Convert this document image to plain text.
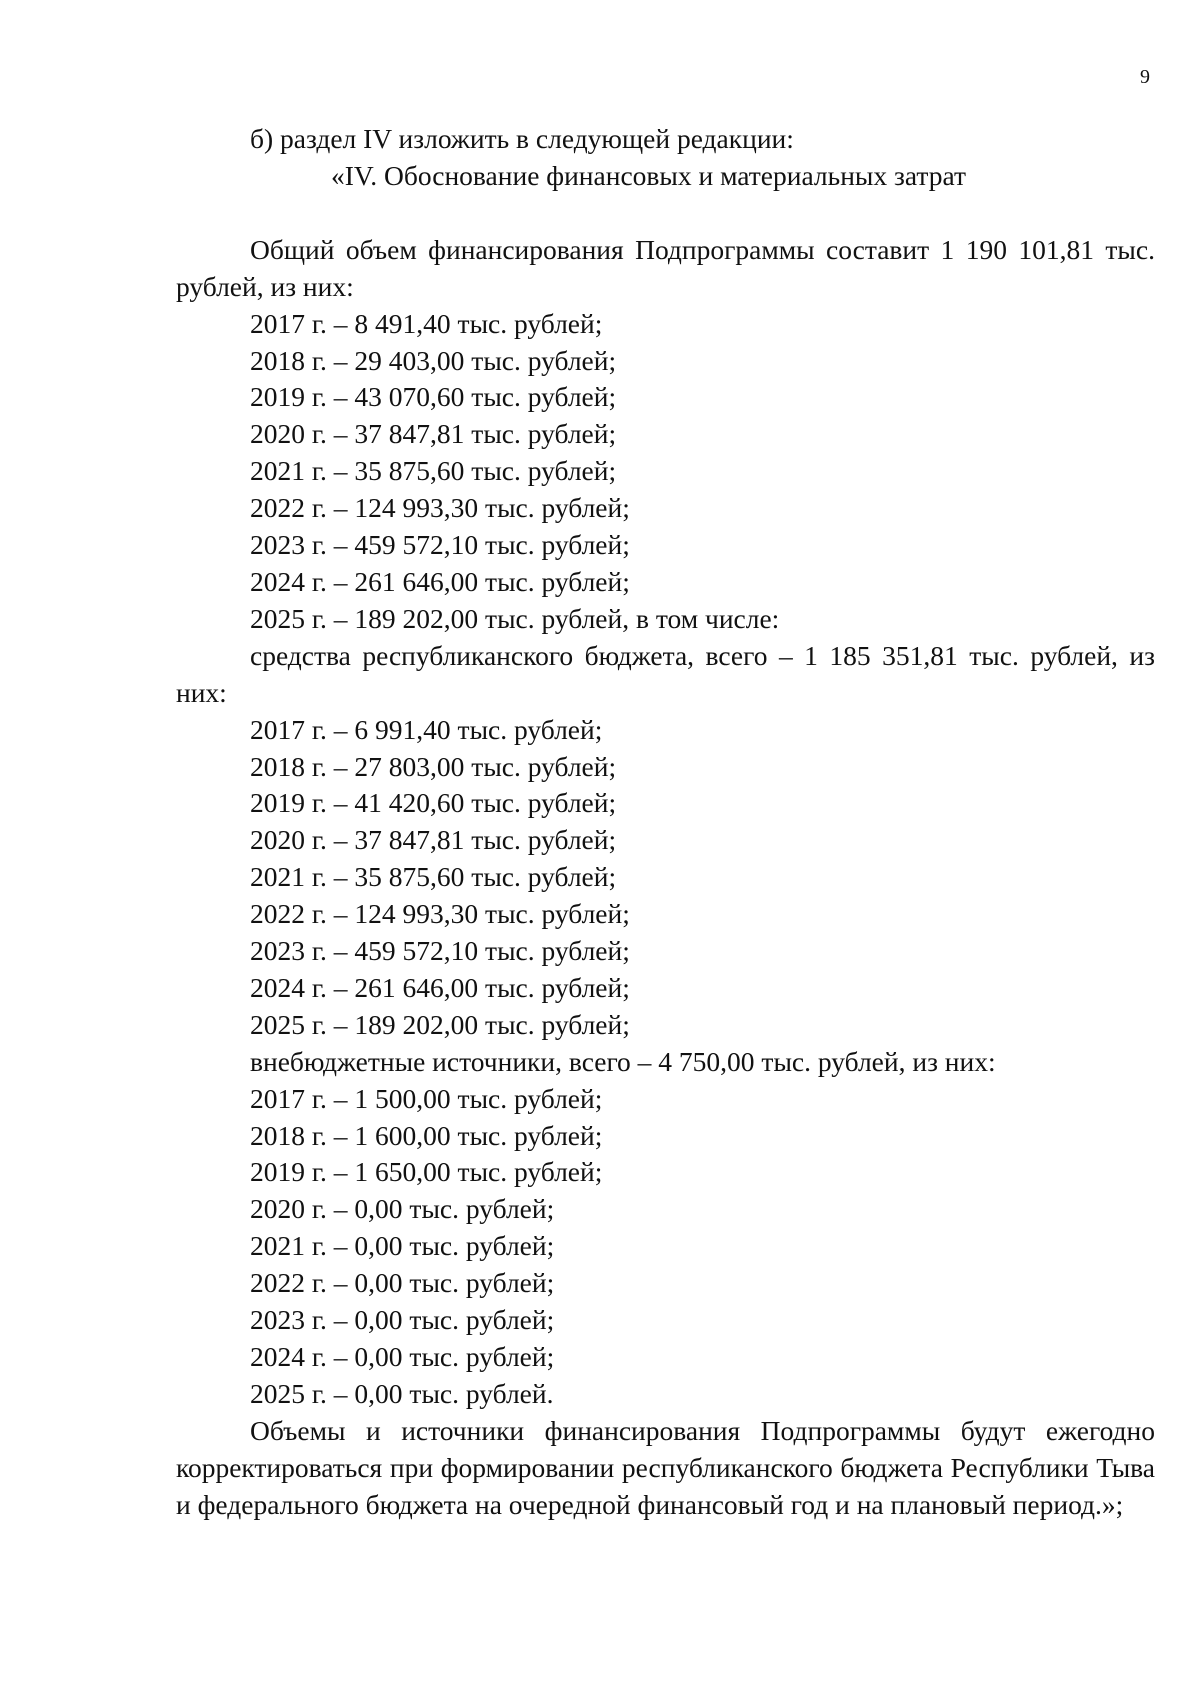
9

б) раздел IV изложить в следующей редакции:

«IV. Обоснование финансовых и материальных затрат

Общий объем финансирования Подпрограммы составит 1 190 101,81 тыс. рублей, из них:

2017 г. – 8 491,40 тыс. рублей;

2018 г. – 29 403,00 тыс. рублей;

2019 г. – 43 070,60 тыс. рублей;

2020 г. – 37 847,81 тыс. рублей;

2021 г. – 35 875,60 тыс. рублей;

2022 г. – 124 993,30 тыс. рублей;

2023 г. – 459 572,10 тыс. рублей;

2024 г. – 261 646,00 тыс. рублей;

2025 г. – 189 202,00 тыс. рублей, в том числе:

средства республиканского бюджета, всего – 1 185 351,81 тыс. рублей, из них:

2017 г. – 6 991,40 тыс. рублей;

2018 г. – 27 803,00 тыс. рублей;

2019 г. – 41 420,60 тыс. рублей;

2020 г. – 37 847,81 тыс. рублей;

2021 г. – 35 875,60 тыс. рублей;

2022 г. – 124 993,30 тыс. рублей;

2023 г. – 459 572,10 тыс. рублей;

2024 г. – 261 646,00 тыс. рублей;

2025 г. – 189 202,00 тыс. рублей;

внебюджетные источники, всего – 4 750,00 тыс. рублей, из них:

2017 г. – 1 500,00 тыс. рублей;

2018 г. – 1 600,00 тыс. рублей;

2019 г. – 1 650,00 тыс. рублей;

2020 г. – 0,00 тыс. рублей;

2021 г. – 0,00 тыс. рублей;

2022 г. – 0,00 тыс. рублей;

2023 г. – 0,00 тыс. рублей;

2024 г. – 0,00 тыс. рублей;

2025 г. – 0,00 тыс. рублей.

Объемы и источники финансирования Подпрограммы будут ежегодно корректироваться при формировании республиканского бюджета Республики Тыва и федерального бюджета на очередной финансовый год и на плановый период.»;
